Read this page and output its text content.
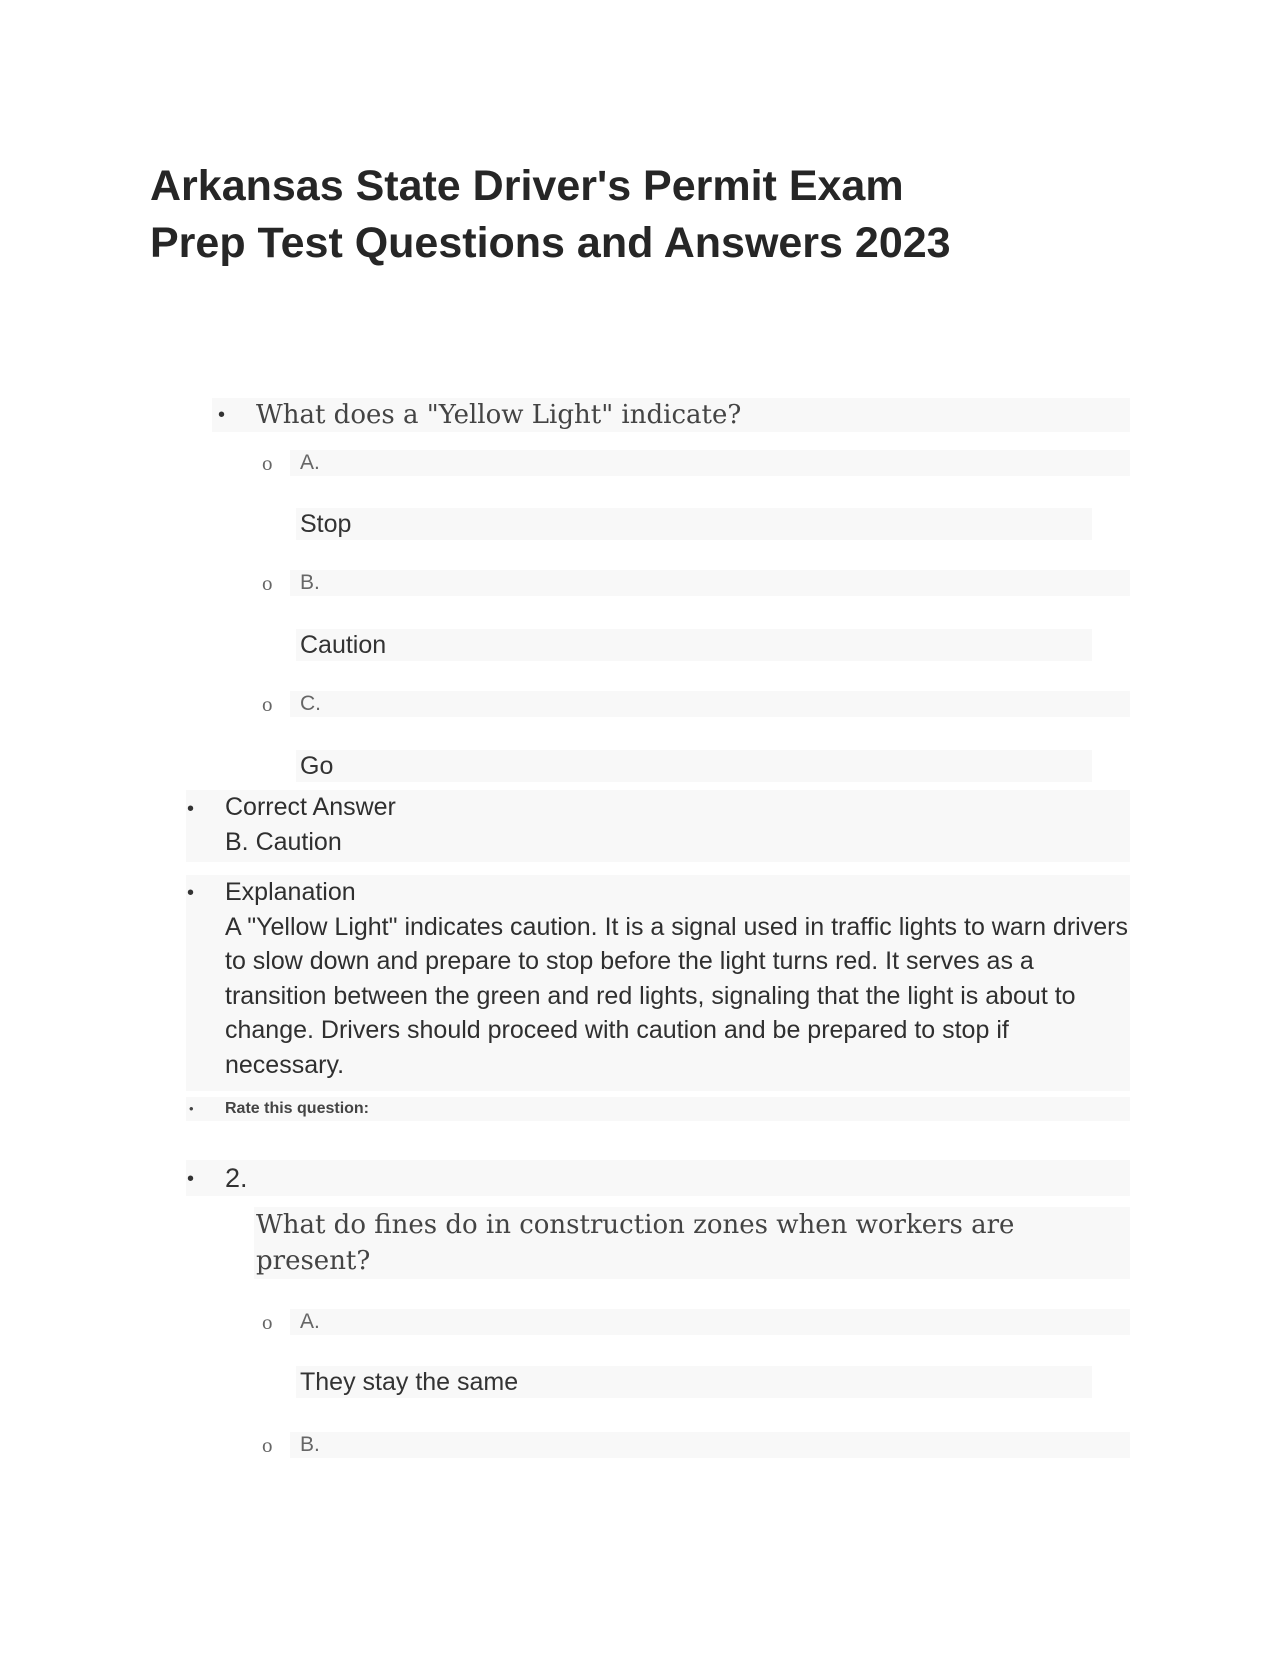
Arkansas State Driver's Permit Exam
Prep Test Questions and Answers 2023
• What does a "Yellow Light" indicate?
o A.
Stop
o B.
Caution
o C.
Go
• Correct Answer
B. Caution
• Explanation
A "Yellow Light" indicates caution. It is a signal used in traffic lights to warn drivers to slow down and prepare to stop before the light turns red. It serves as a transition between the green and red lights, signaling that the light is about to change. Drivers should proceed with caution and be prepared to stop if necessary.
• Rate this question:
• 2.
What do fines do in construction zones when workers are present?
o A.
They stay the same
o B.
